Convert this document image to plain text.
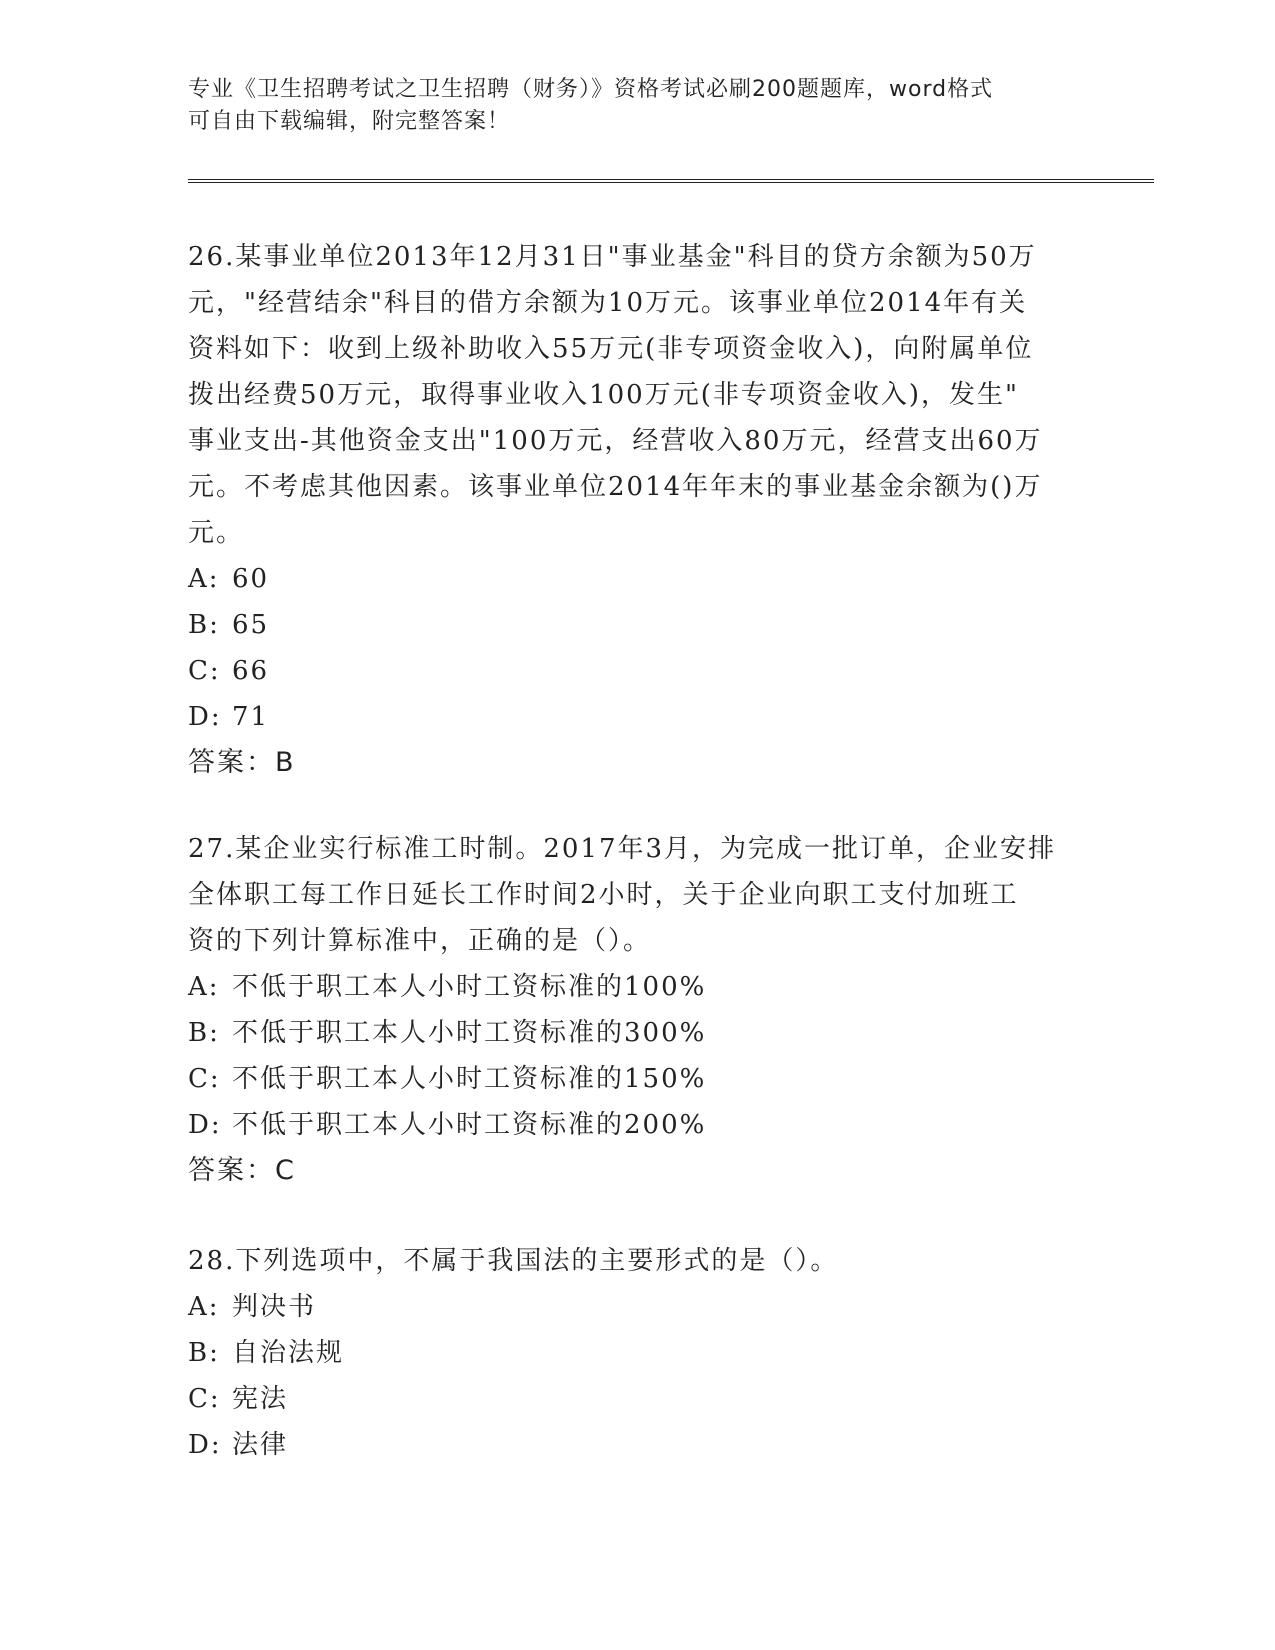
专业《卫生招聘考试之卫生招聘（财务）》资格考试必刷200题题库，word格式
可自由下载编辑，附完整答案！

26.某事业单位2013年12月31日"事业基金"科目的贷方余额为50万

元，"经营结余"科目的借方余额为10万元。该事业单位2014年有关

资料如下：收到上级补助收入55万元(非专项资金收入)，向附属单位

拨出经费50万元，取得事业收入100万元(非专项资金收入)，发生"

事业支出-其他资金支出"100万元，经营收入80万元，经营支出60万

元。不考虑其他因素。该事业单位2014年年末的事业基金余额为()万

元。

A: 60

B: 65

C: 66

D: 71

答案：B

27.某企业实行标准工时制。2017年3月，为完成一批订单，企业安排

全体职工每工作日延长工作时间2小时，关于企业向职工支付加班工

资的下列计算标准中，正确的是（）。

A: 不低于职工本人小时工资标准的100%

B: 不低于职工本人小时工资标准的300%

C: 不低于职工本人小时工资标准的150%

D: 不低于职工本人小时工资标准的200%

答案：C

28.下列选项中，不属于我国法的主要形式的是（）。

A: 判决书

B: 自治法规

C: 宪法

D: 法律
